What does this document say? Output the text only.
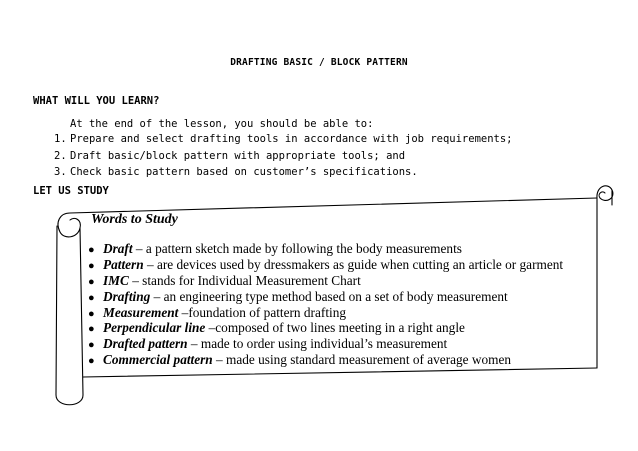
DRAFTING BASIC / BLOCK PATTERN
WHAT WILL YOU LEARN?
At the end of the lesson, you should be able to:
1. Prepare and select drafting tools in accordance with job requirements;
2. Draft basic/block pattern with appropriate tools; and
3. Check basic pattern based on customer’s specifications.
LET US STUDY
Words to Study
● Draft – a pattern sketch made by following the body measurements
● Pattern – are devices used by dressmakers as guide when cutting an article or garment
● IMC – stands for Individual Measurement Chart
● Drafting – an engineering type method based on a set of body measurement
● Measurement –foundation of pattern drafting
● Perpendicular line –composed of two lines meeting in a right angle
● Drafted pattern – made to order using individual’s measurement
● Commercial pattern – made using standard measurement of average women
